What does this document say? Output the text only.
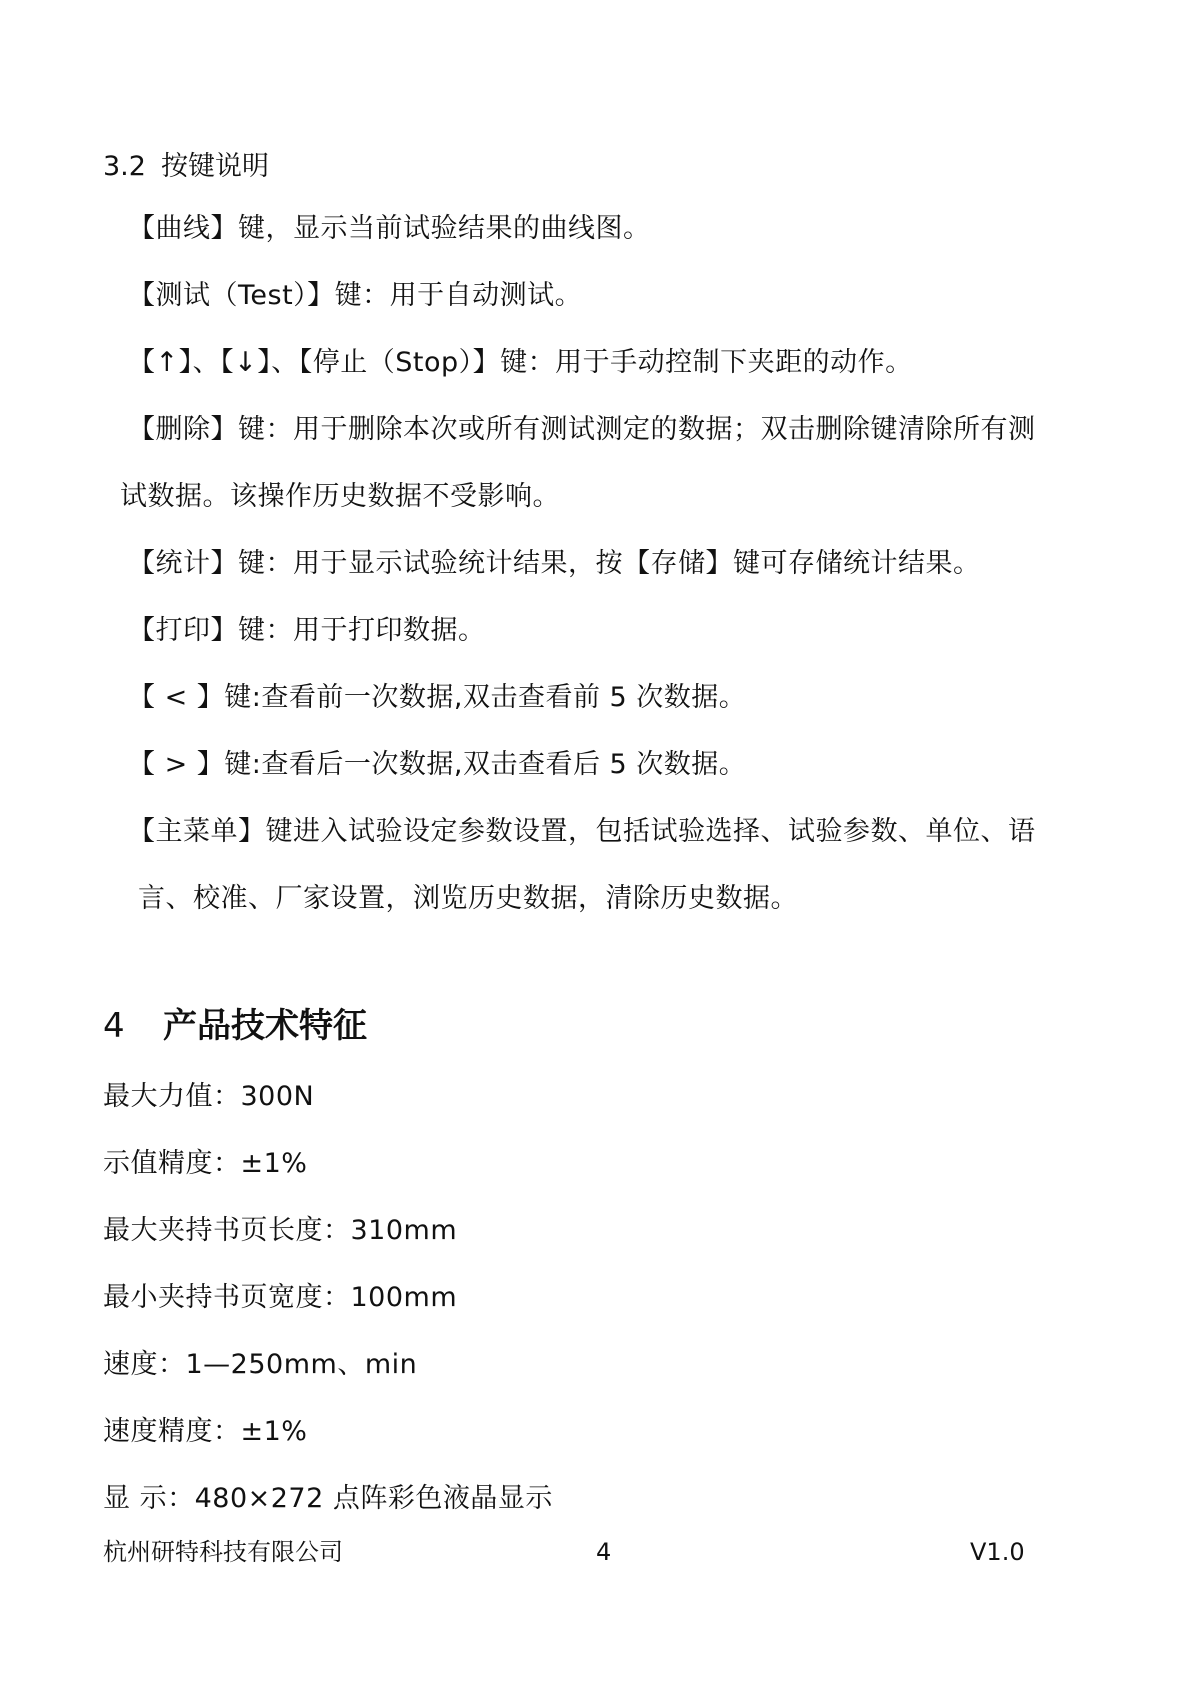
3.2 按键说明
【曲线】键，显示当前试验结果的曲线图。
【测试（Test）】键：用于自动测试。
【↑】、【↓】、【停止（Stop）】键：用于手动控制下夹距的动作。
【删除】键：用于删除本次或所有测试测定的数据；双击删除键清除所有测
试数据。该操作历史数据不受影响。
【统计】键：用于显示试验统计结果，按【存储】键可存储统计结果。
【打印】键：用于打印数据。
【 < 】键:查看前一次数据,双击查看前 5 次数据。
【 > 】键:查看后一次数据,双击查看后 5 次数据。
【主菜单】键进入试验设定参数设置，包括试验选择、试验参数、单位、语
言、校准、厂家设置，浏览历史数据，清除历史数据。
4 产品技术特征
最大力值：300N
示值精度：±1%
最大夹持书页长度：310mm
最小夹持书页宽度：100mm
速度：1—250mm、min
速度精度：±1%
显 示：480×272 点阵彩色液晶显示
杭州研特科技有限公司	4	V1.0
